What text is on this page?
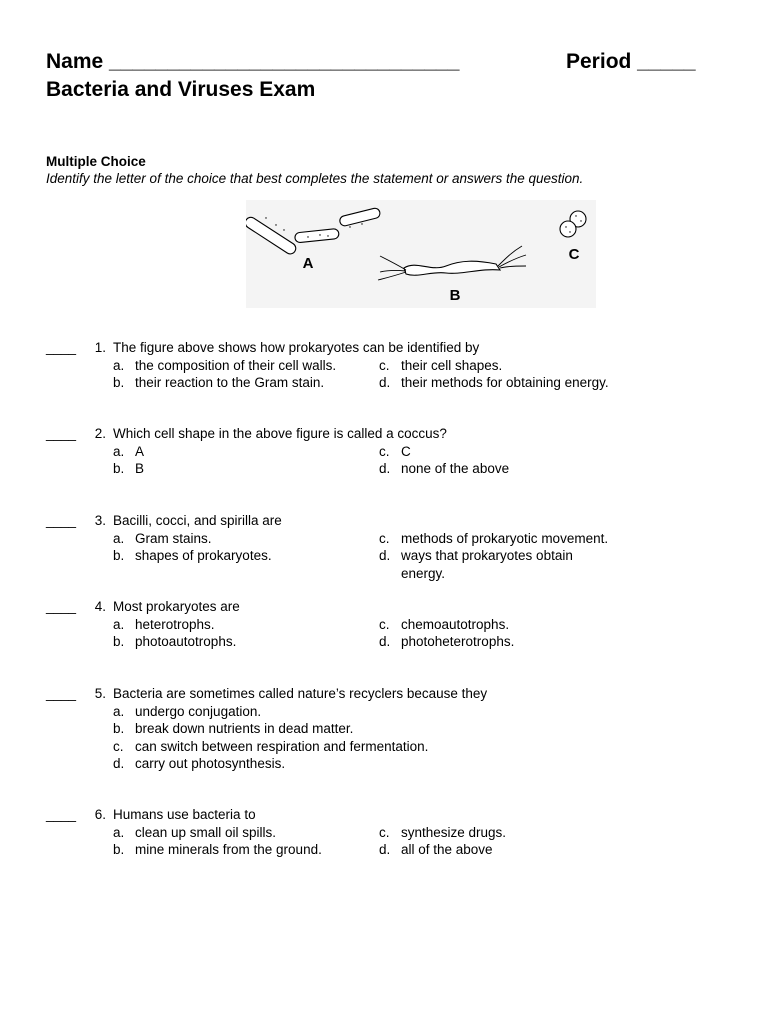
Name ______________________________	Period _____
Bacteria and Viruses Exam
Multiple Choice
Identify the letter of the choice that best completes the statement or answers the question.
A
B
C
____	1. The figure above shows how prokaryotes can be identified by
a. the composition of their cell walls.	c. their cell shapes.
b. their reaction to the Gram stain.	d. their methods for obtaining energy.
____	2. Which cell shape in the above figure is called a coccus?
a. A	c. C
b. B	d. none of the above
____	3. Bacilli, cocci, and spirilla are
a. Gram stains.	c. methods of prokaryotic movement.
b. shapes of prokaryotes.	d. ways that prokaryotes obtain
energy.
____	4. Most prokaryotes are
a. heterotrophs.	c. chemoautotrophs.
b. photoautotrophs.	d. photoheterotrophs.
____	5. Bacteria are sometimes called nature’s recyclers because they
a. undergo conjugation.
b. break down nutrients in dead matter.
c. can switch between respiration and fermentation.
d. carry out photosynthesis.
____	6. Humans use bacteria to
a. clean up small oil spills.	c. synthesize drugs.
b. mine minerals from the ground.	d. all of the above
